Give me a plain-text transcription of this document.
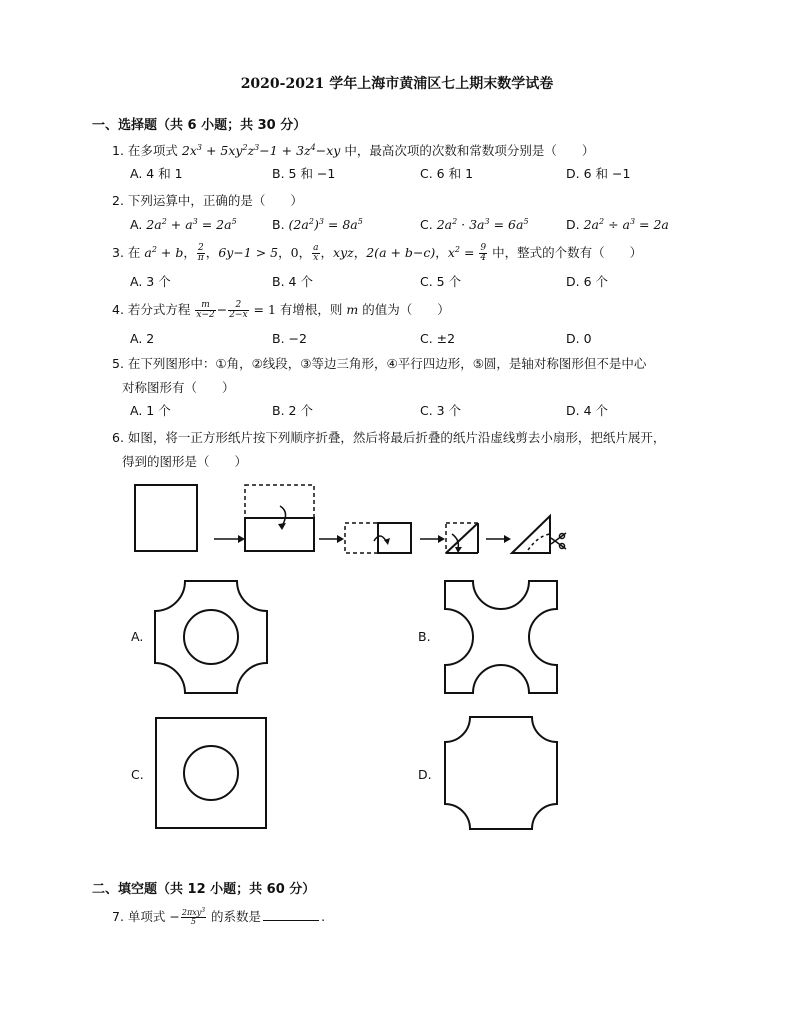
2020-2021 学年上海市黄浦区七上期末数学试卷
一、选择题（共 6 小题；共 30 分）
1. 在多项式 $2x^3 + 5xy^2z^3-1 + 3z^4-xy$ 中，最高次项的次数和常数项分别是（　　）
A. 4 和 1	B. 5 和 −1	C. 6 和 1	D. 6 和 −1
2. 下列运算中，正确的是（　　）
A. $2a^2 + a^3 = 2a^5$	B. $(2a^2)^3 = 8a^5$	C. $2a^2 \cdot 3a^3 = 6a^5$	D. $2a^2 \div a^3 = 2a$
3. 在 $a^2 + b$， $\frac{2}{\pi}$ ，6y−1 > 5，0， $\frac{a}{x}$ ，xyz，2(a + b−c)，$x^2 = \frac{9}{4}$ 中，整式的个数有（　　）
A. 3 个	B. 4 个	C. 5 个	D. 6 个
4. 若分式方程 $\frac{m}{x-2} - \frac{2}{2-x} = 1$ 有增根，则 m 的值为（　　）
A. 2	B. −2	C. ±2	D. 0
5. 在下列图形中：①角，②线段，③等边三角形，④平行四边形，⑤圆，是轴对称图形但不是中心
对称图形有（　　）
A. 1 个	B. 2 个	C. 3 个	D. 4 个
6. 如图，将一正方形纸片按下列顺序折叠，然后将最后折叠的纸片沿虚线剪去小扇形，把纸片展开，
得到的图形是（　　）
A.	B.
C.	D.
二、填空题（共 12 小题；共 60 分）
7. 单项式 − $\frac{2\pi xy^3}{5}$ 的系数是	.
